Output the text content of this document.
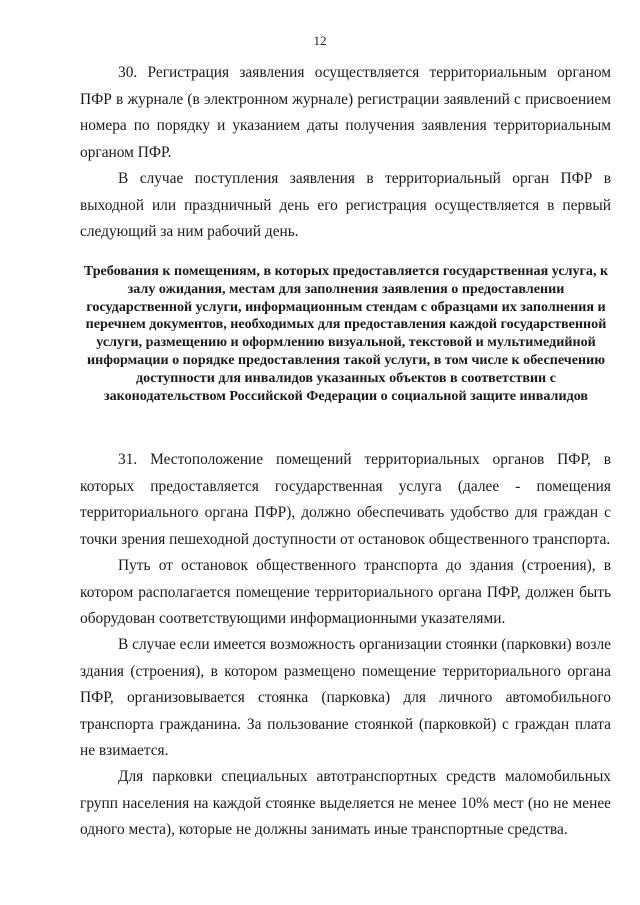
12

30. Регистрация заявления осуществляется территориальным органом ПФР в журнале (в электронном журнале) регистрации заявлений с присвоением номера по порядку и указанием даты получения заявления территориальным органом ПФР.

В случае поступления заявления в территориальный орган ПФР в выходной или праздничный день его регистрация осуществляется в первый следующий за ним рабочий день.

Требования к помещениям, в которых предоставляется государственная услуга, к залу ожидания, местам для заполнения заявления о предоставлении государственной услуги, информационным стендам с образцами их заполнения и перечнем документов, необходимых для предоставления каждой государственной услуги, размещению и оформлению визуальной, текстовой и мультимедийной информации о порядке предоставления такой услуги, в том числе к обеспечению доступности для инвалидов указанных объектов в соответствии с законодательством Российской Федерации о социальной защите инвалидов

31. Местоположение помещений территориальных органов ПФР, в которых предоставляется государственная услуга (далее - помещения территориального органа ПФР), должно обеспечивать удобство для граждан с точки зрения пешеходной доступности от остановок общественного транспорта.

Путь от остановок общественного транспорта до здания (строения), в котором располагается помещение территориального органа ПФР, должен быть оборудован соответствующими информационными указателями.

В случае если имеется возможность организации стоянки (парковки) возле здания (строения), в котором размещено помещение территориального органа ПФР, организовывается стоянка (парковка) для личного автомобильного транспорта гражданина. За пользование стоянкой (парковкой) с граждан плата не взимается.

Для парковки специальных автотранспортных средств маломобильных групп населения на каждой стоянке выделяется не менее 10% мест (но не менее одного места), которые не должны занимать иные транспортные средства.
